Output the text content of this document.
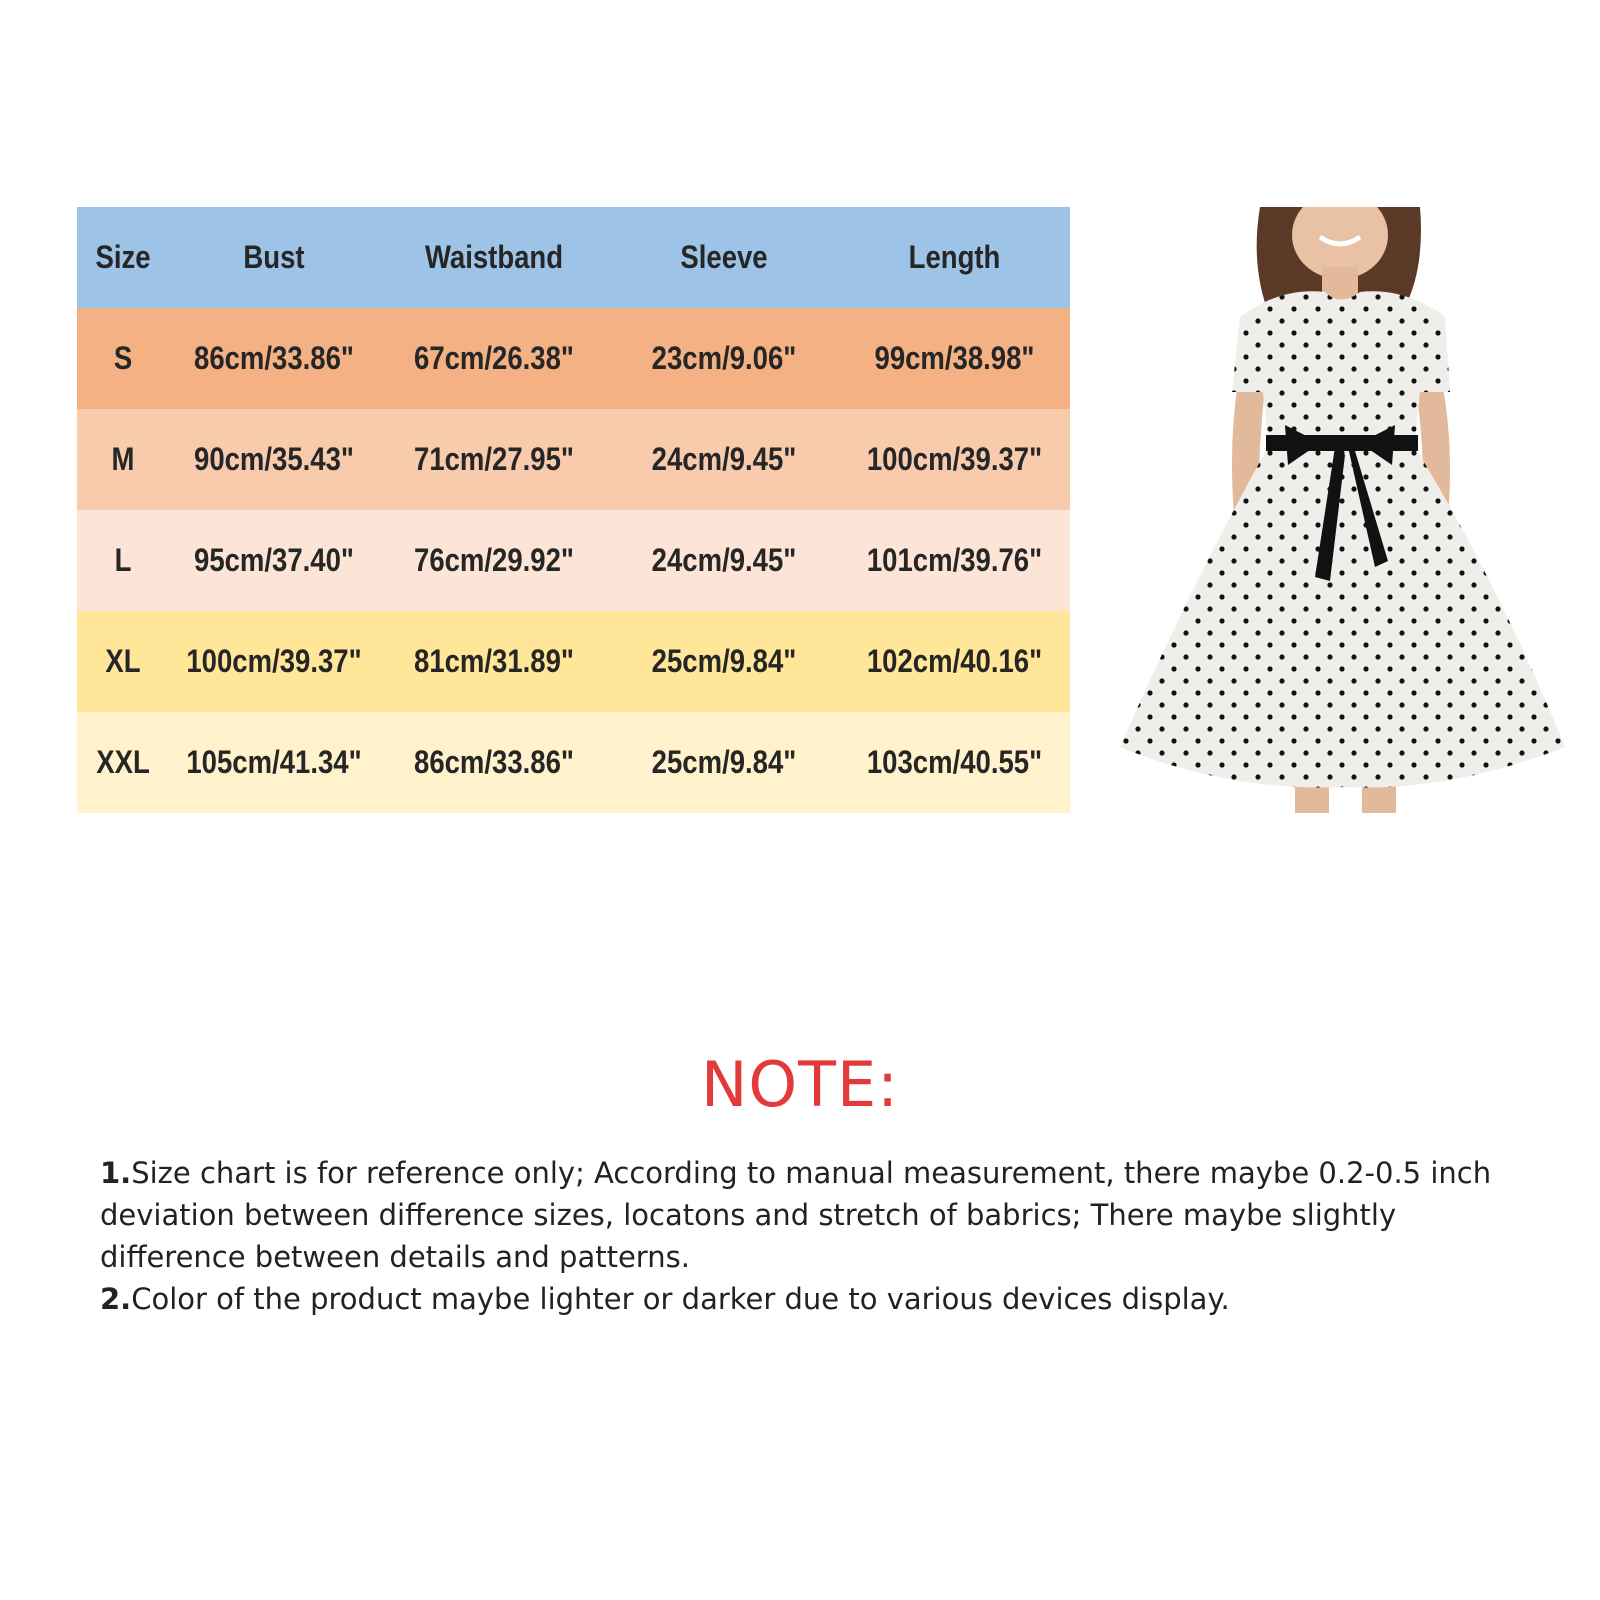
Size	Bust	Waistband	Sleeve	Length
S	86cm/33.86"	67cm/26.38"	23cm/9.06"	99cm/38.98"
M	90cm/35.43"	71cm/27.95"	24cm/9.45"	100cm/39.37"
L	95cm/37.40"	76cm/29.92"	24cm/9.45"	101cm/39.76"
XL	100cm/39.37"	81cm/31.89"	25cm/9.84"	102cm/40.16"
XXL	105cm/41.34"	86cm/33.86"	25cm/9.84"	103cm/40.55"
NOTE:

1.Size chart is for reference only; According to manual measurement, there maybe 0.2-0.5 inch deviation between difference sizes, locatons and stretch of babrics; There maybe slightly difference between details and patterns.

2.Color of the product maybe lighter or darker due to various devices display.
